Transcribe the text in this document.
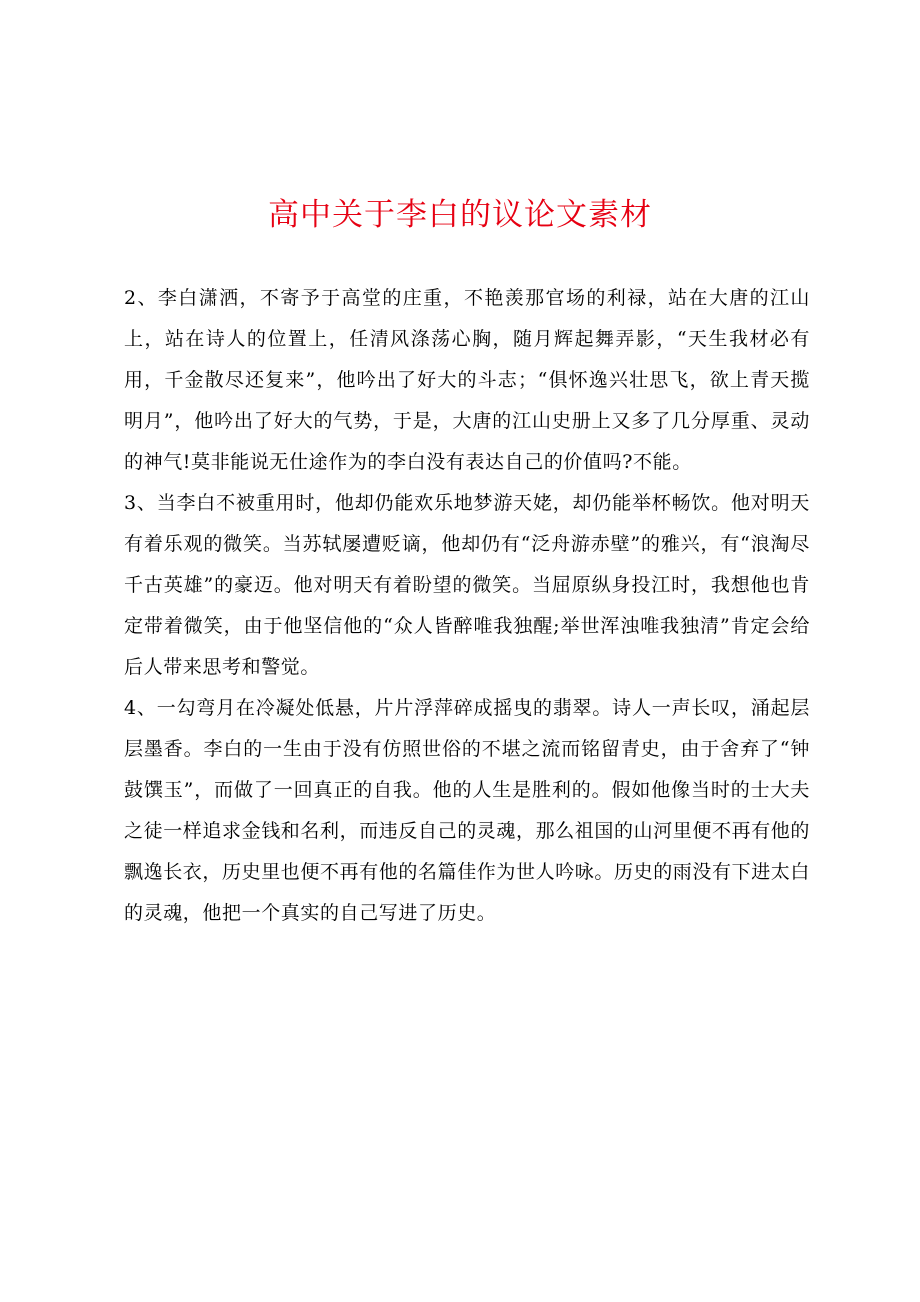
高中关于李白的议论文素材

2、李白潇洒，不寄予于高堂的庄重，不艳羡那官场的利禄，站在大唐的江山上，站在诗人的位置上，任清风涤荡心胸，随月辉起舞弄影，“天生我材必有用，千金散尽还复来”，他吟出了好大的斗志；“俱怀逸兴壮思飞，欲上青天揽明月”，他吟出了好大的气势，于是，大唐的江山史册上又多了几分厚重、灵动的神气!莫非能说无仕途作为的李白没有表达自己的价值吗?不能。

3、当李白不被重用时，他却仍能欢乐地梦游天姥，却仍能举杯畅饮。他对明天有着乐观的微笑。当苏轼屡遭贬谪，他却仍有“泛舟游赤壁”的雅兴，有“浪淘尽千古英雄”的豪迈。他对明天有着盼望的微笑。当屈原纵身投江时，我想他也肯定带着微笑，由于他坚信他的“众人皆醉唯我独醒;举世浑浊唯我独清”肯定会给后人带来思考和警觉。

4、一勾弯月在冷凝处低悬，片片浮萍碎成摇曳的翡翠。诗人一声长叹，涌起层层墨香。李白的一生由于没有仿照世俗的不堪之流而铭留青史，由于舍弃了“钟鼓馔玉”，而做了一回真正的自我。他的人生是胜利的。假如他像当时的士大夫之徒一样追求金钱和名利，而违反自己的灵魂，那么祖国的山河里便不再有他的飘逸长衣，历史里也便不再有他的名篇佳作为世人吟咏。历史的雨没有下进太白的灵魂，他把一个真实的自己写进了历史。
